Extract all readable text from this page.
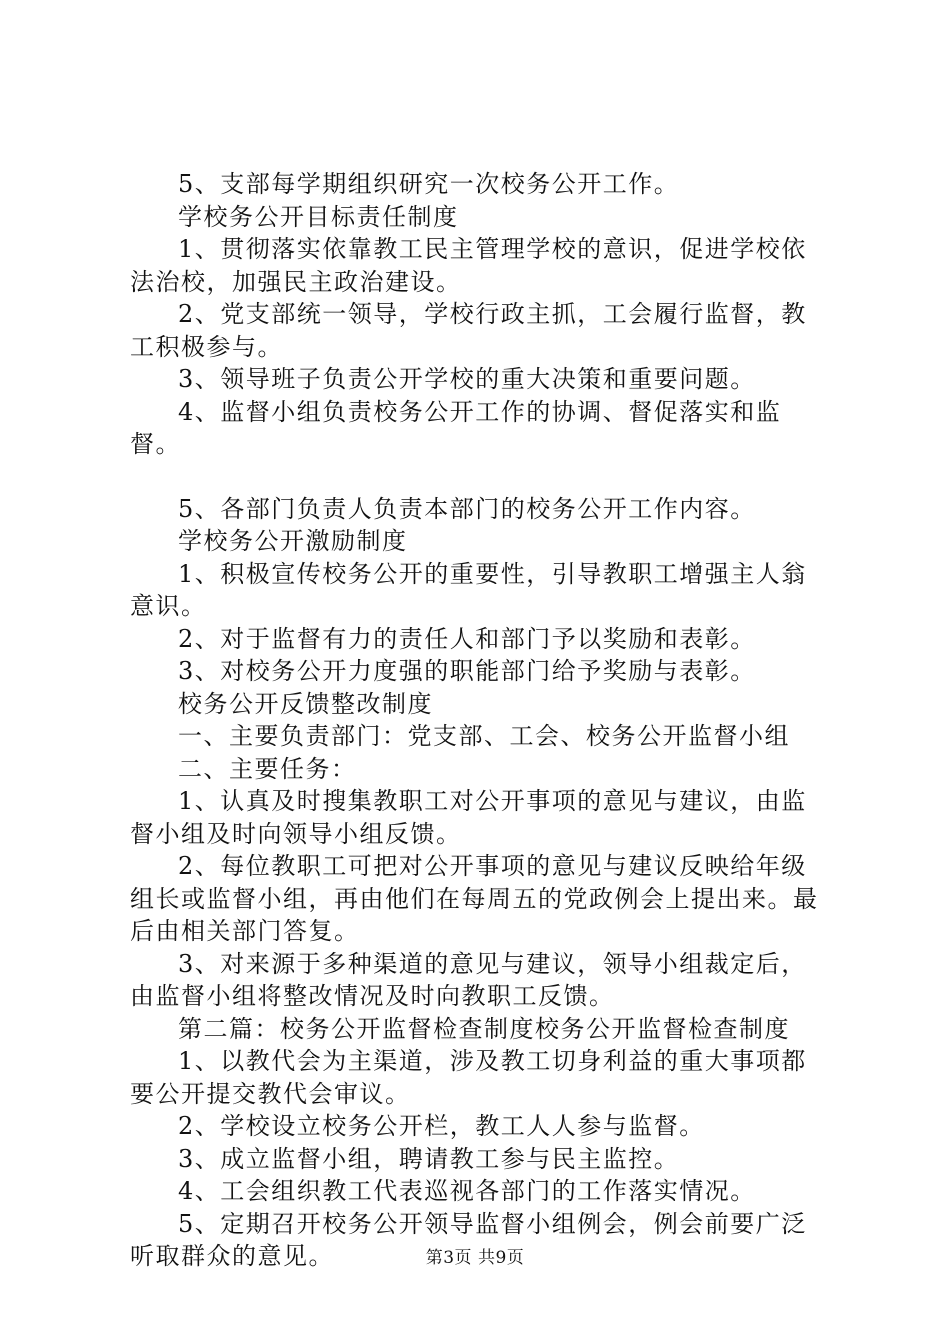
5、支部每学期组织研究一次校务公开工作。

学校务公开目标责任制度

1、贯彻落实依靠教工民主管理学校的意识，促进学校依法治校，加强民主政治建设。

2、党支部统一领导，学校行政主抓，工会履行监督，教工积极参与。

3、领导班子负责公开学校的重大决策和重要问题。

4、监督小组负责校务公开工作的协调、督促落实和监督。

5、各部门负责人负责本部门的校务公开工作内容。

学校务公开激励制度

1、积极宣传校务公开的重要性，引导教职工增强主人翁意识。

2、对于监督有力的责任人和部门予以奖励和表彰。

3、对校务公开力度强的职能部门给予奖励与表彰。

校务公开反馈整改制度

一、主要负责部门：党支部、工会、校务公开监督小组

二、主要任务：

1、认真及时搜集教职工对公开事项的意见与建议，由监督小组及时向领导小组反馈。

2、每位教职工可把对公开事项的意见与建议反映给年级组长或监督小组，再由他们在每周五的党政例会上提出来。最后由相关部门答复。

3、对来源于多种渠道的意见与建议，领导小组裁定后，由监督小组将整改情况及时向教职工反馈。

第二篇：校务公开监督检查制度校务公开监督检查制度

1、以教代会为主渠道，涉及教工切身利益的重大事项都要公开提交教代会审议。

2、学校设立校务公开栏，教工人人参与监督。

3、成立监督小组，聘请教工参与民主监控。

4、工会组织教工代表巡视各部门的工作落实情况。

5、定期召开校务公开领导监督小组例会，例会前要广泛听取群众的意见。	第3页 共9页
